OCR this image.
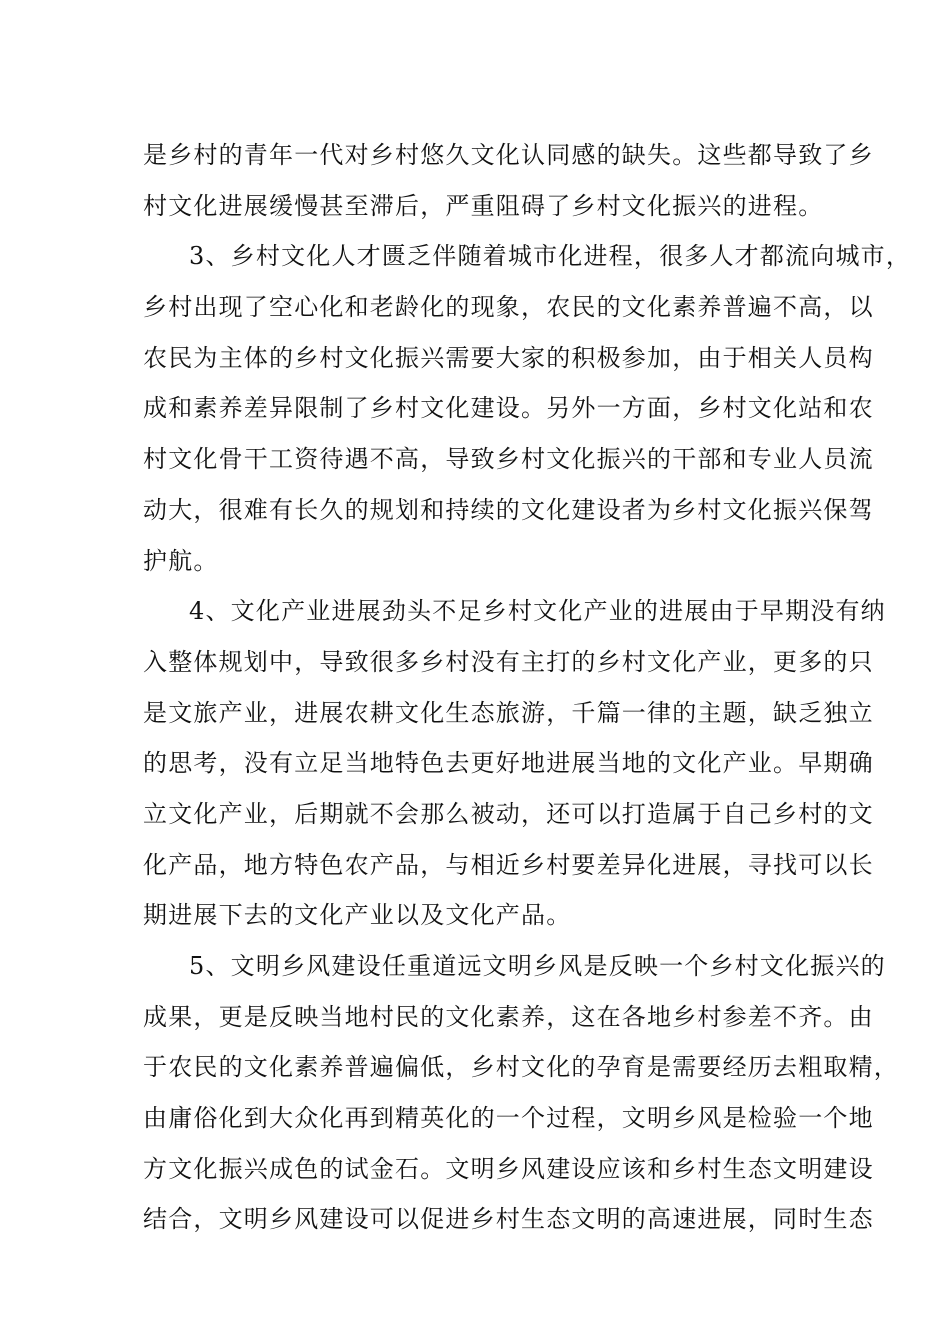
是乡村的青年一代对乡村悠久文化认同感的缺失。这些都导致了乡
村文化进展缓慢甚至滞后，严重阻碍了乡村文化振兴的进程。
3、乡村文化人才匮乏伴随着城市化进程，很多人才都流向城市，
乡村出现了空心化和老龄化的现象，农民的文化素养普遍不高，以
农民为主体的乡村文化振兴需要大家的积极参加，由于相关人员构
成和素养差异限制了乡村文化建设。另外一方面，乡村文化站和农
村文化骨干工资待遇不高，导致乡村文化振兴的干部和专业人员流
动大，很难有长久的规划和持续的文化建设者为乡村文化振兴保驾
护航。
4、文化产业进展劲头不足乡村文化产业的进展由于早期没有纳
入整体规划中，导致很多乡村没有主打的乡村文化产业，更多的只
是文旅产业，进展农耕文化生态旅游，千篇一律的主题，缺乏独立
的思考，没有立足当地特色去更好地进展当地的文化产业。早期确
立文化产业，后期就不会那么被动，还可以打造属于自己乡村的文
化产品，地方特色农产品，与相近乡村要差异化进展，寻找可以长
期进展下去的文化产业以及文化产品。
5、文明乡风建设任重道远文明乡风是反映一个乡村文化振兴的
成果，更是反映当地村民的文化素养，这在各地乡村参差不齐。由
于农民的文化素养普遍偏低，乡村文化的孕育是需要经历去粗取精，
由庸俗化到大众化再到精英化的一个过程，文明乡风是检验一个地
方文化振兴成色的试金石。文明乡风建设应该和乡村生态文明建设
结合，文明乡风建设可以促进乡村生态文明的高速进展，同时生态
